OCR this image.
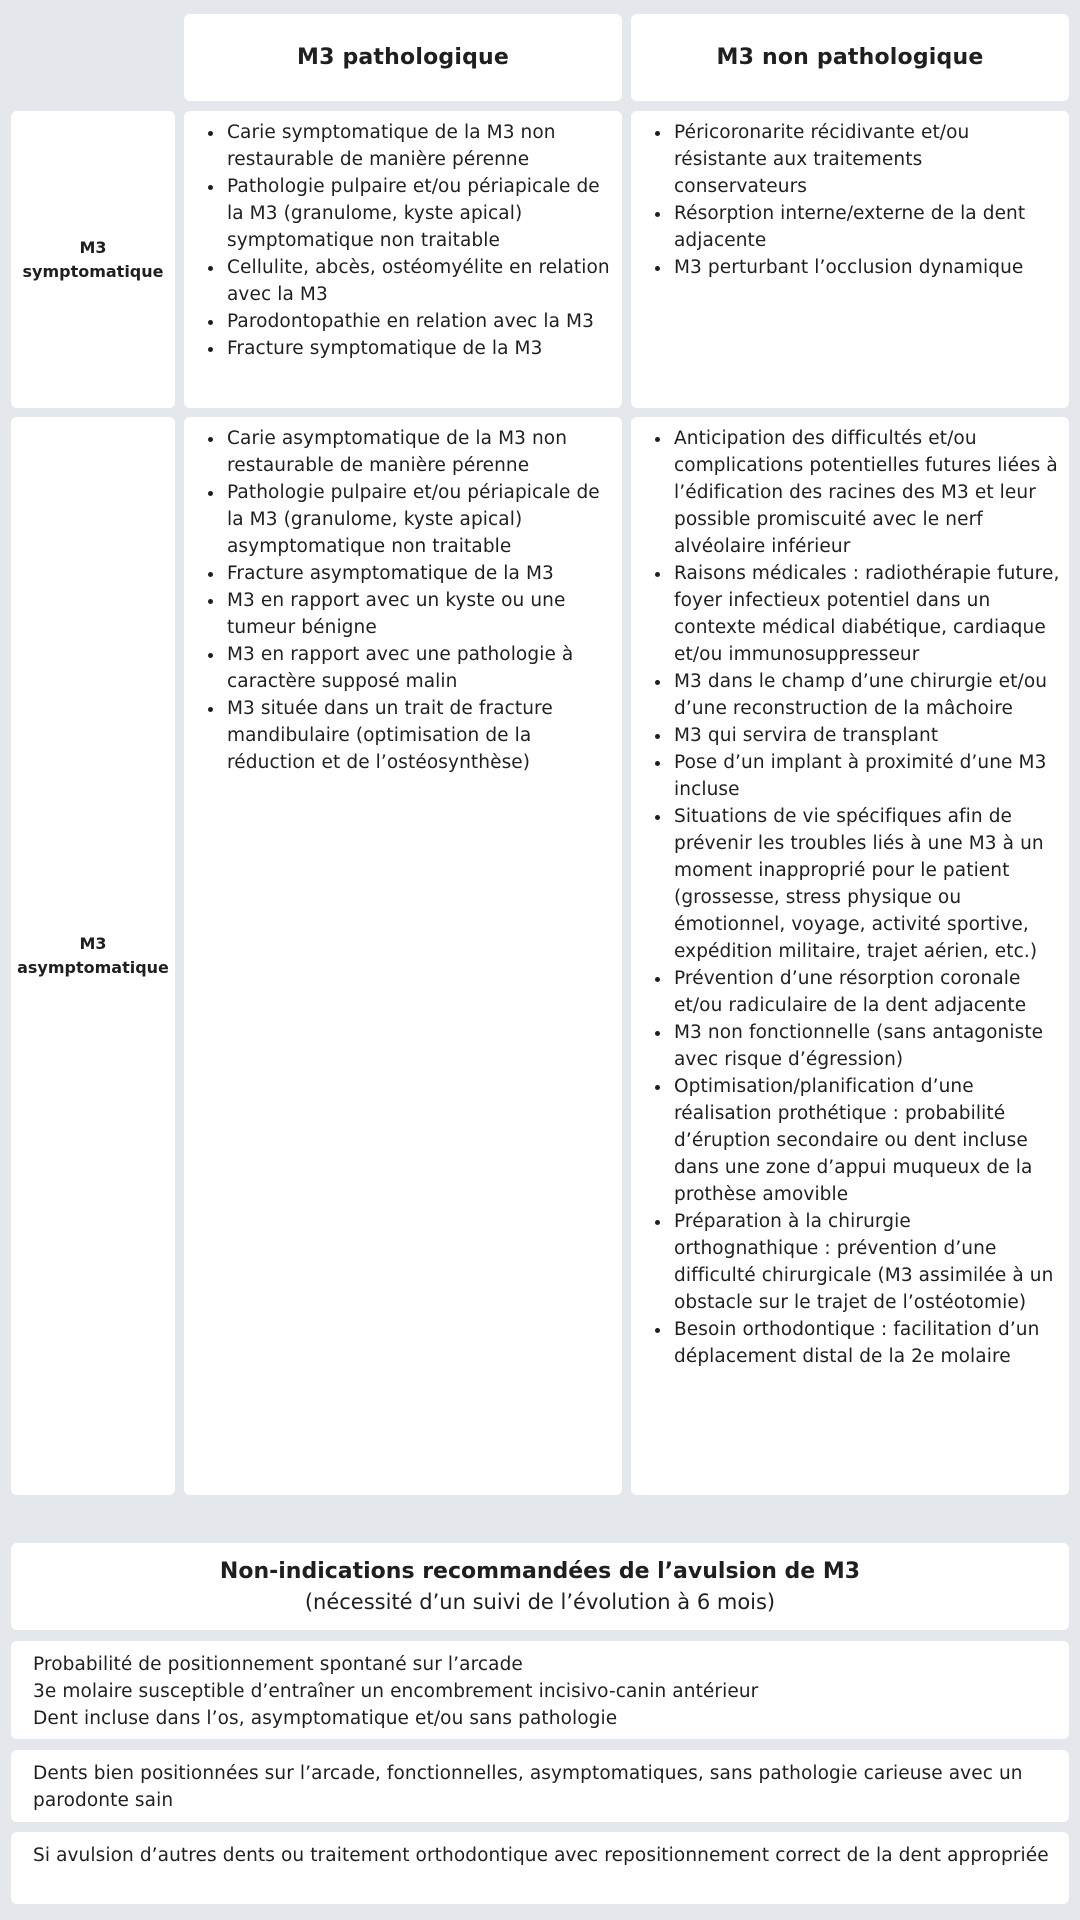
M3 pathologique	M3 non pathologique
M3
symptomatique
• Carie symptomatique de la M3 non restaurable de manière pérenne
• Pathologie pulpaire et/ou périapicale de la M3 (granulome, kyste apical) symptomatique non traitable
• Cellulite, abcès, ostéomyélite en relation avec la M3
• Parodontopathie en relation avec la M3
• Fracture symptomatique de la M3
• Péricoronarite récidivante et/ou résistante aux traitements conservateurs
• Résorption interne/externe de la dent adjacente
• M3 perturbant l’occlusion dynamique
M3
asymptomatique
• Carie asymptomatique de la M3 non restaurable de manière pérenne
• Pathologie pulpaire et/ou périapicale de la M3 (granulome, kyste apical) asymptomatique non traitable
• Fracture asymptomatique de la M3
• M3 en rapport avec un kyste ou une tumeur bénigne
• M3 en rapport avec une pathologie à caractère supposé malin
• M3 située dans un trait de fracture mandibulaire (optimisation de la réduction et de l’ostéosynthèse)
• Anticipation des difficultés et/ou complications potentielles futures liées à l’édification des racines des M3 et leur possible promiscuité avec le nerf alvéolaire inférieur
• Raisons médicales : radiothérapie future, foyer infectieux potentiel dans un contexte médical diabétique, cardiaque et/ou immunosuppresseur
• M3 dans le champ d’une chirurgie et/ou d’une reconstruction de la mâchoire
• M3 qui servira de transplant
• Pose d’un implant à proximité d’une M3 incluse
• Situations de vie spécifiques afin de prévenir les troubles liés à une M3 à un moment inapproprié pour le patient (grossesse, stress physique ou émotionnel, voyage, activité sportive, expédition militaire, trajet aérien, etc.)
• Prévention d’une résorption coronale et/ou radiculaire de la dent adjacente
• M3 non fonctionnelle (sans antagoniste avec risque d’égression)
• Optimisation/planification d’une réalisation prothétique : probabilité d’éruption secondaire ou dent incluse dans une zone d’appui muqueux de la prothèse amovible
• Préparation à la chirurgie orthognathique : prévention d’une difficulté chirurgicale (M3 assimilée à un obstacle sur le trajet de l’ostéotomie)
• Besoin orthodontique : facilitation d’un déplacement distal de la 2e molaire
Non-indications recommandées de l’avulsion de M3
(nécessité d’un suivi de l’évolution à 6 mois)
Probabilité de positionnement spontané sur l’arcade
3e molaire susceptible d’entraîner un encombrement incisivo-canin antérieur
Dent incluse dans l’os, asymptomatique et/ou sans pathologie
Dents bien positionnées sur l’arcade, fonctionnelles, asymptomatiques, sans pathologie carieuse avec un parodonte sain
Si avulsion d’autres dents ou traitement orthodontique avec repositionnement correct de la dent appropriée
